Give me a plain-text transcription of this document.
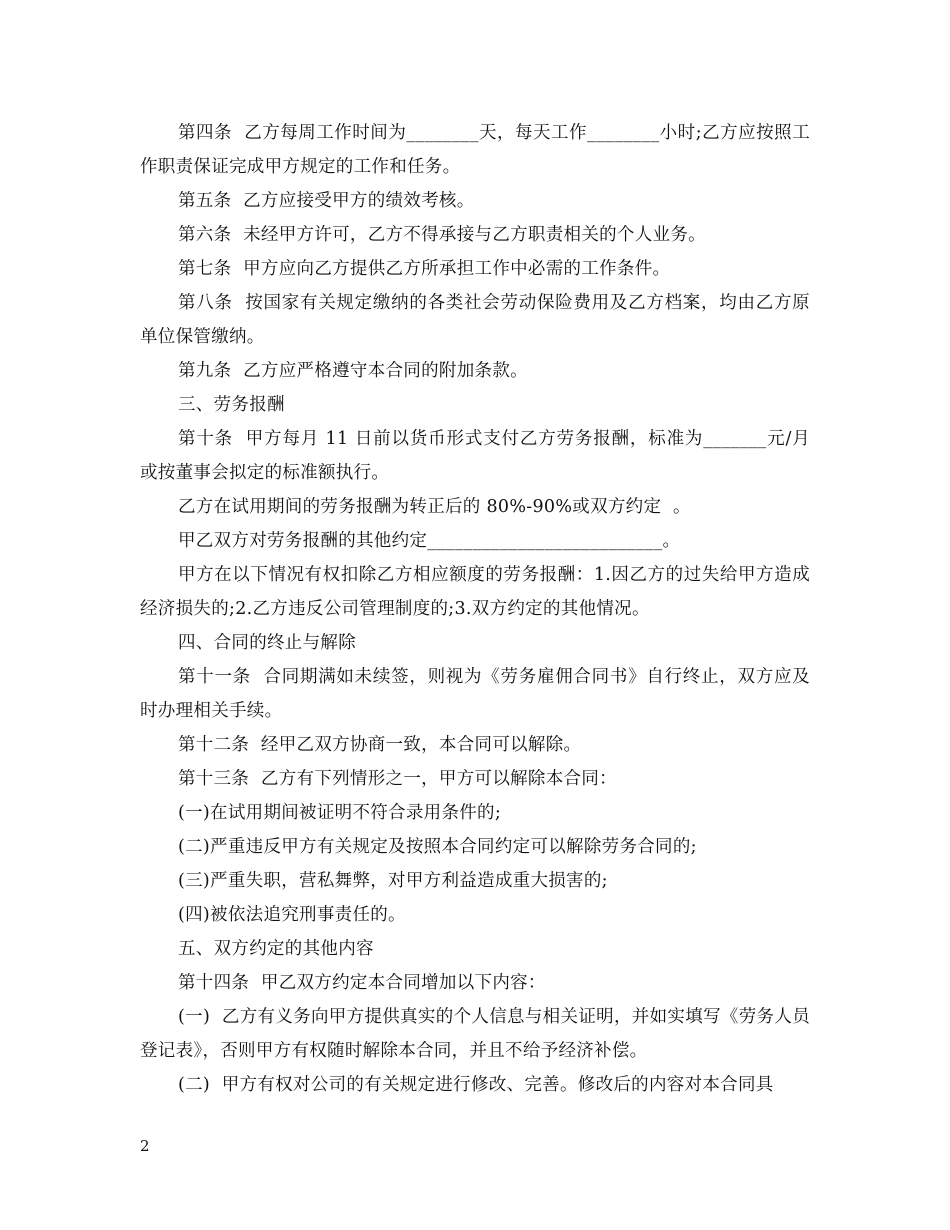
第四条  乙方每周工作时间为________天，每天工作________小时;乙方应按照工作职责保证完成甲方规定的工作和任务。

第五条  乙方应接受甲方的绩效考核。

第六条  未经甲方许可，乙方不得承接与乙方职责相关的个人业务。

第七条  甲方应向乙方提供乙方所承担工作中必需的工作条件。

第八条  按国家有关规定缴纳的各类社会劳动保险费用及乙方档案，均由乙方原单位保管缴纳。

第九条  乙方应严格遵守本合同的附加条款。

三、劳务报酬

第十条  甲方每月 11 日前以货币形式支付乙方劳务报酬，标准为_______元/月或按董事会拟定的标准额执行。

乙方在试用期间的劳务报酬为转正后的 80%-90%或双方约定  。

甲乙双方对劳务报酬的其他约定__________________________。

甲方在以下情况有权扣除乙方相应额度的劳务报酬：1.因乙方的过失给甲方造成经济损失的;2.乙方违反公司管理制度的;3.双方约定的其他情况。

四、合同的终止与解除

第十一条  合同期满如未续签，则视为《劳务雇佣合同书》自行终止，双方应及时办理相关手续。

第十二条  经甲乙双方协商一致，本合同可以解除。

第十三条  乙方有下列情形之一，甲方可以解除本合同：

(一)在试用期间被证明不符合录用条件的;

(二)严重违反甲方有关规定及按照本合同约定可以解除劳务合同的;

(三)严重失职，营私舞弊，对甲方利益造成重大损害的;

(四)被依法追究刑事责任的。

五、双方约定的其他内容

第十四条  甲乙双方约定本合同增加以下内容：

(一)  乙方有义务向甲方提供真实的个人信息与相关证明，并如实填写《劳务人员登记表》，否则甲方有权随时解除本合同，并且不给予经济补偿。

(二)  甲方有权对公司的有关规定进行修改、完善。修改后的内容对本合同具

2
